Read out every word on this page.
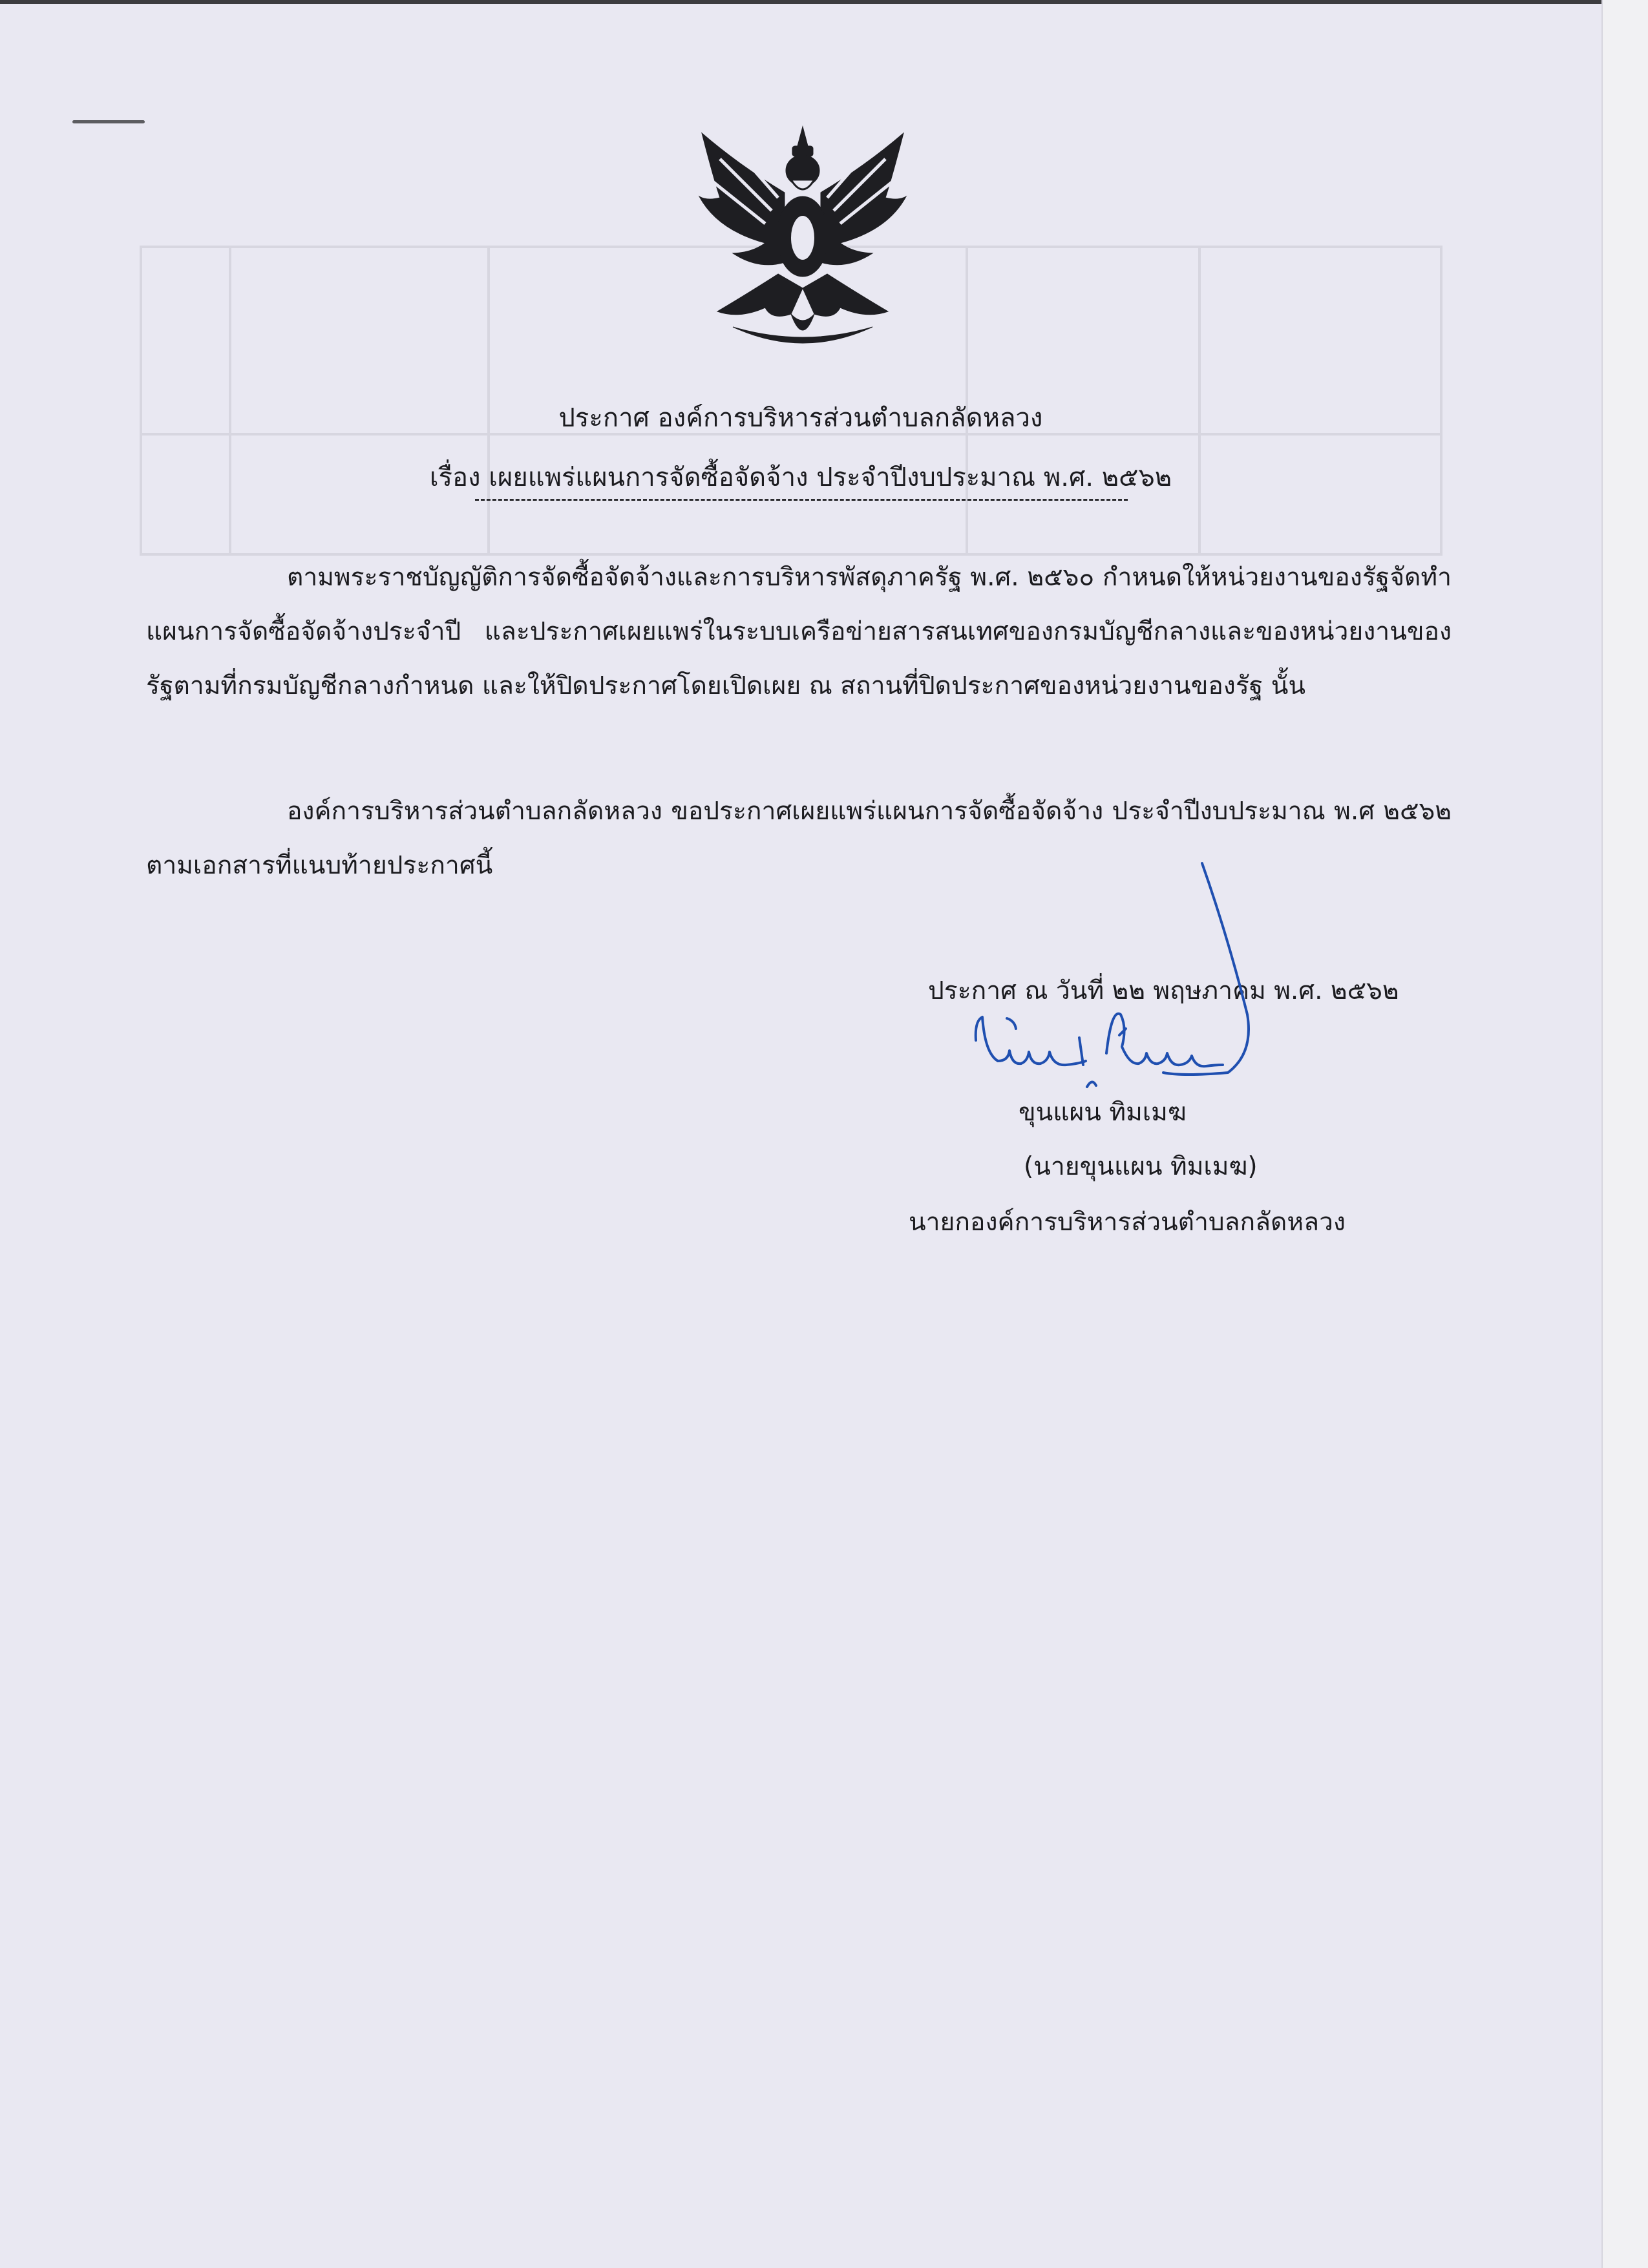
ประกาศ องค์การบริหารส่วนตำบลกลัดหลวง
เรื่อง เผยแพร่แผนการจัดซื้อจัดจ้าง ประจำปีงบประมาณ พ.ศ. ๒๕๖๒
ตามพระราชบัญญัติการจัดซื้อจัดจ้างและการบริหารพัสดุภาครัฐ พ.ศ. ๒๕๖๐ กำหนดให้หน่วยงานของรัฐจัดทำแผนการจัดซื้อจัดจ้างประจำปี และประกาศเผยแพร่ในระบบเครือข่ายสารสนเทศของกรมบัญชีกลางและของหน่วยงานของรัฐตามที่กรมบัญชีกลางกำหนด และให้ปิดประกาศโดยเปิดเผย ณ สถานที่ปิดประกาศของหน่วยงานของรัฐ นั้น
องค์การบริหารส่วนตำบลกลัดหลวง ขอประกาศเผยแพร่แผนการจัดซื้อจัดจ้าง ประจำปีงบประมาณ พ.ศ ๒๕๖๒ ตามเอกสารที่แนบท้ายประกาศนี้
ประกาศ ณ วันที่ ๒๒ พฤษภาคม พ.ศ. ๒๕๖๒
ขุนแผน ทิมเมฆ
(นายขุนแผน ทิมเมฆ)
นายกองค์การบริหารส่วนตำบลกลัดหลวง
